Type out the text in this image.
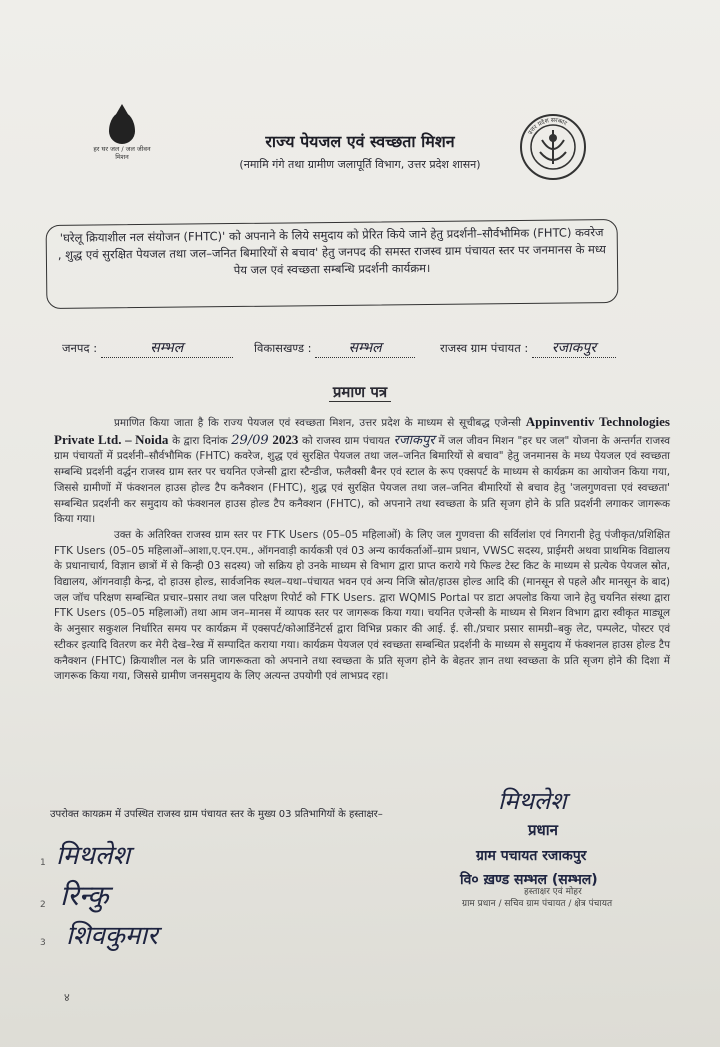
हर घर जल / जल जीवन मिशन
राज्य पेयजल एवं स्वच्छता मिशन
(नमामि गंगे तथा ग्रामीण जलापूर्ति विभाग, उत्तर प्रदेश शासन)
उत्तर प्रदेश सरकार
'घरेलू क्रियाशील नल संयोजन (FHTC)' को अपनाने के लिये समुदाय को प्रेरित किये जाने हेतु प्रदर्शनी–सौर्वभौमिक (FHTC) कवरेज , शुद्ध एवं सुरक्षित पेयजल तथा जल–जनित बिमारियों से बचाव' हेतु जनपद की समस्त राजस्व ग्राम पंचायत स्तर पर जनमानस के मध्य पेय जल एवं स्वच्छता सम्बन्धि प्रदर्शनी कार्यक्रम।
जनपद :	सम्भल	विकासखण्ड :	सम्भल	राजस्व ग्राम पंचायत : रजाकपुर
प्रमाण पत्र

प्रमाणित किया जाता है कि राज्य पेयजल एवं स्वच्छता मिशन, उत्तर प्रदेश के माध्यम से सूचीबद्ध एजेन्सी Appinventiv Technologies Private Ltd. – Noida के द्वारा दिनांक 29/09 2023 को राजस्व ग्राम पंचायत रजाकपुर में जल जीवन मिशन "हर घर जल" योजना के अन्तर्गत राजस्व ग्राम पंचायतों में प्रदर्शनी–सौर्वभौमिक (FHTC) कवरेज, शुद्ध एवं सुरक्षित पेयजल तथा जल–जनित बिमारियों से बचाव" हेतु जनमानस के मध्य पेयजल एवं स्वच्छता सम्बन्धि प्रदर्शनी वर्द्धन राजस्व ग्राम स्तर पर चयनित एजेन्सी द्वारा स्टैन्डीज, फलैक्सी बैनर एवं स्टाल के रूप एक्सपर्ट के माध्यम से कार्यक्रम का आयोजन किया गया, जिससे ग्रामीणों में फंक्शनल हाउस होल्ड टैप कनैक्शन (FHTC), शुद्ध एवं सुरक्षित पेयजल तथा जल–जनित बीमारियों से बचाव हेतु 'जलगुणवत्ता एवं स्वच्छता' सम्बन्धित प्रदर्शनी कर समुदाय को फंक्शनल हाउस होल्ड टैप कनैक्शन (FHTC), को अपनाने तथा स्वच्छता के प्रति सृजग होने के प्रति प्रदर्शनी लगाकर जागरूक किया गया।

उक्त के अतिरिक्त राजस्व ग्राम स्तर पर FTK Users (05–05 महिलाओं) के लिए जल गुणवत्ता की सर्विलांश एवं निगरानी हेतु पंजीकृत/प्रशिक्षित FTK Users (05–05 महिलाओं–आशा,ए.एन.एम., ऑगनवाड़ी कार्यकत्री एवं 03 अन्य कार्यकर्ताओं–ग्राम प्रधान, VWSC सदस्य, प्राईमरी अथवा प्राथमिक विद्यालय के प्रधानाचार्य, विज्ञान छात्रों में से किन्ही 03 सदस्य) जो सक्रिय हो उनके माध्यम से विभाग द्वारा प्राप्त कराये गये फिल्ड टेस्ट किट के माध्यम से प्रत्येक पेयजल स्रोत, विद्यालय, ऑगनवाड़ी केन्द्र, दो हाउस होल्ड, सार्वजनिक स्थल–यथा–पंचायत भवन एवं अन्य निजि स्रोत/हाउस होल्ड आदि की (मानसून से पहले और मानसून के बाद) जल जॉच परिक्षण सम्बन्धित प्रचार–प्रसार तथा जल परिक्षण रिपोर्ट को FTK Users. द्वारा WQMIS Portal पर डाटा अपलोड किया जाने हेतु चयनित संस्था द्वारा FTK Users (05–05 महिलाओं) तथा आम जन–मानस में व्यापक स्तर पर जागरूक किया गया। चयनित एजेन्सी के माध्यम से मिशन विभाग द्वारा स्वीकृत माड्यूल के अनुसार सकुशल निर्धारित समय पर कार्यक्रम में एक्सपर्ट/कोआर्डिनेटर्स द्वारा विभिन्न प्रकार की आई. ई. सी./प्रचार प्रसार सामग्री–बकु लेट, पम्पलेट, पोस्टर एवं स्टीकर इत्यादि वितरण कर मेरी देख–रेख में सम्पादित कराया गया। कार्यक्रम पेयजल एवं स्वच्छता सम्बन्धित प्रदर्शनी के माध्यम से समुदाय में फंक्शनल हाउस होल्ड टैप कनैक्शन (FHTC) क्रियाशील नल के प्रति जागरूकता को अपनाने तथा स्वच्छता के प्रति सृजग होने के बेहतर ज्ञान तथा स्वच्छता के प्रति सृजग होने की दिशा में जागरूक किया गया, जिससे ग्रामीण जनसमुदाय के लिए अत्यन्त उपयोगी एवं लाभप्रद रहा।

उपरोक्त कायक्रम में उपस्थित राजस्व ग्राम पंचायत स्तर के मुख्य 03 प्रतिभागियों के हस्ताक्षर–
1 मिथलेश
2 रिन्कु
3 शिवकुमार
मिथलेश
प्रधान
ग्राम पचायत रजाकपुर
वि० ख़ण्ड सम्भल (सम्भल)
हस्ताक्षर एवं मोहर
ग्राम प्रधान / सचिव ग्राम पंचायत / क्षेत्र पंचायत
४
